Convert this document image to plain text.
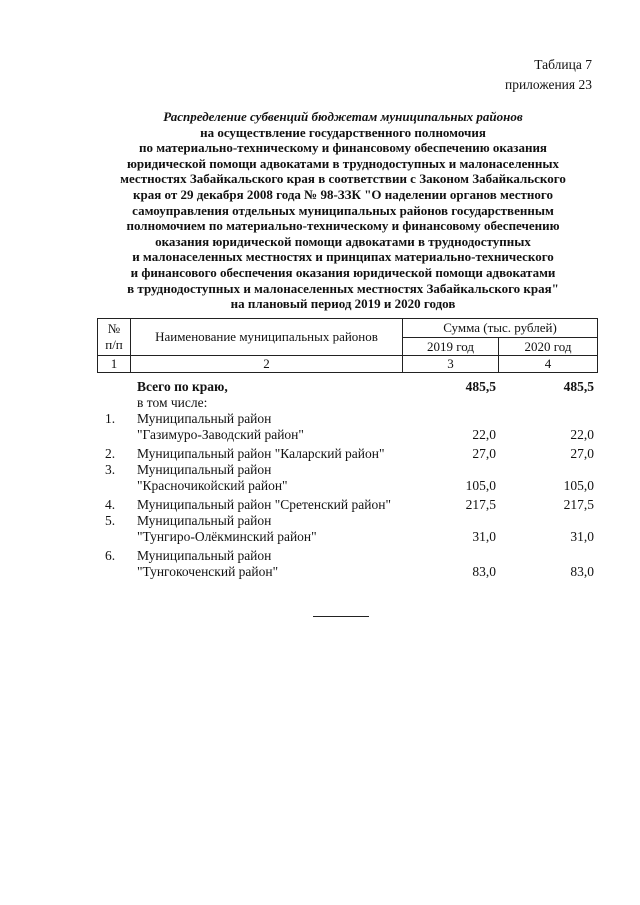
Таблица 7
приложения 23
Распределение субвенций бюджетам муниципальных районов
на осуществление государственного полномочия
по материально-техническому и финансовому обеспечению оказания
юридической помощи адвокатами в труднодоступных и малонаселенных
местностях Забайкальского края в соответствии с Законом Забайкальского
края от 29 декабря 2008 года № 98-ЗЗК "О наделении органов местного
самоуправления отдельных муниципальных районов государственным
полномочием по материально-техническому и финансовому обеспечению
оказания юридической помощи адвокатами в труднодоступных
и малонаселенных местностях и принципах материально-технического
и финансового обеспечения оказания юридической помощи адвокатами
в труднодоступных и малонаселенных местностях Забайкальского края"
на плановый период 2019 и 2020 годов
№
п/п	Наименование муниципальных районов	Сумма (тыс. рублей)	
		2019 год	2020 год
1	2	3	4
Всего по краю,	485,5	485,5
в том числе:
1. Муниципальный район
"Газимуро-Заводский район"	22,0	22,0
2. Муниципальный район "Каларский район"	27,0	27,0
3. Муниципальный район
"Красночикойский район"	105,0	105,0
4. Муниципальный район "Сретенский район"	217,5	217,5
5. Муниципальный район
"Тунгиро-Олёкминский район"	31,0	31,0
6. Муниципальный район
"Тунгокоченский район"	83,0	83,0
